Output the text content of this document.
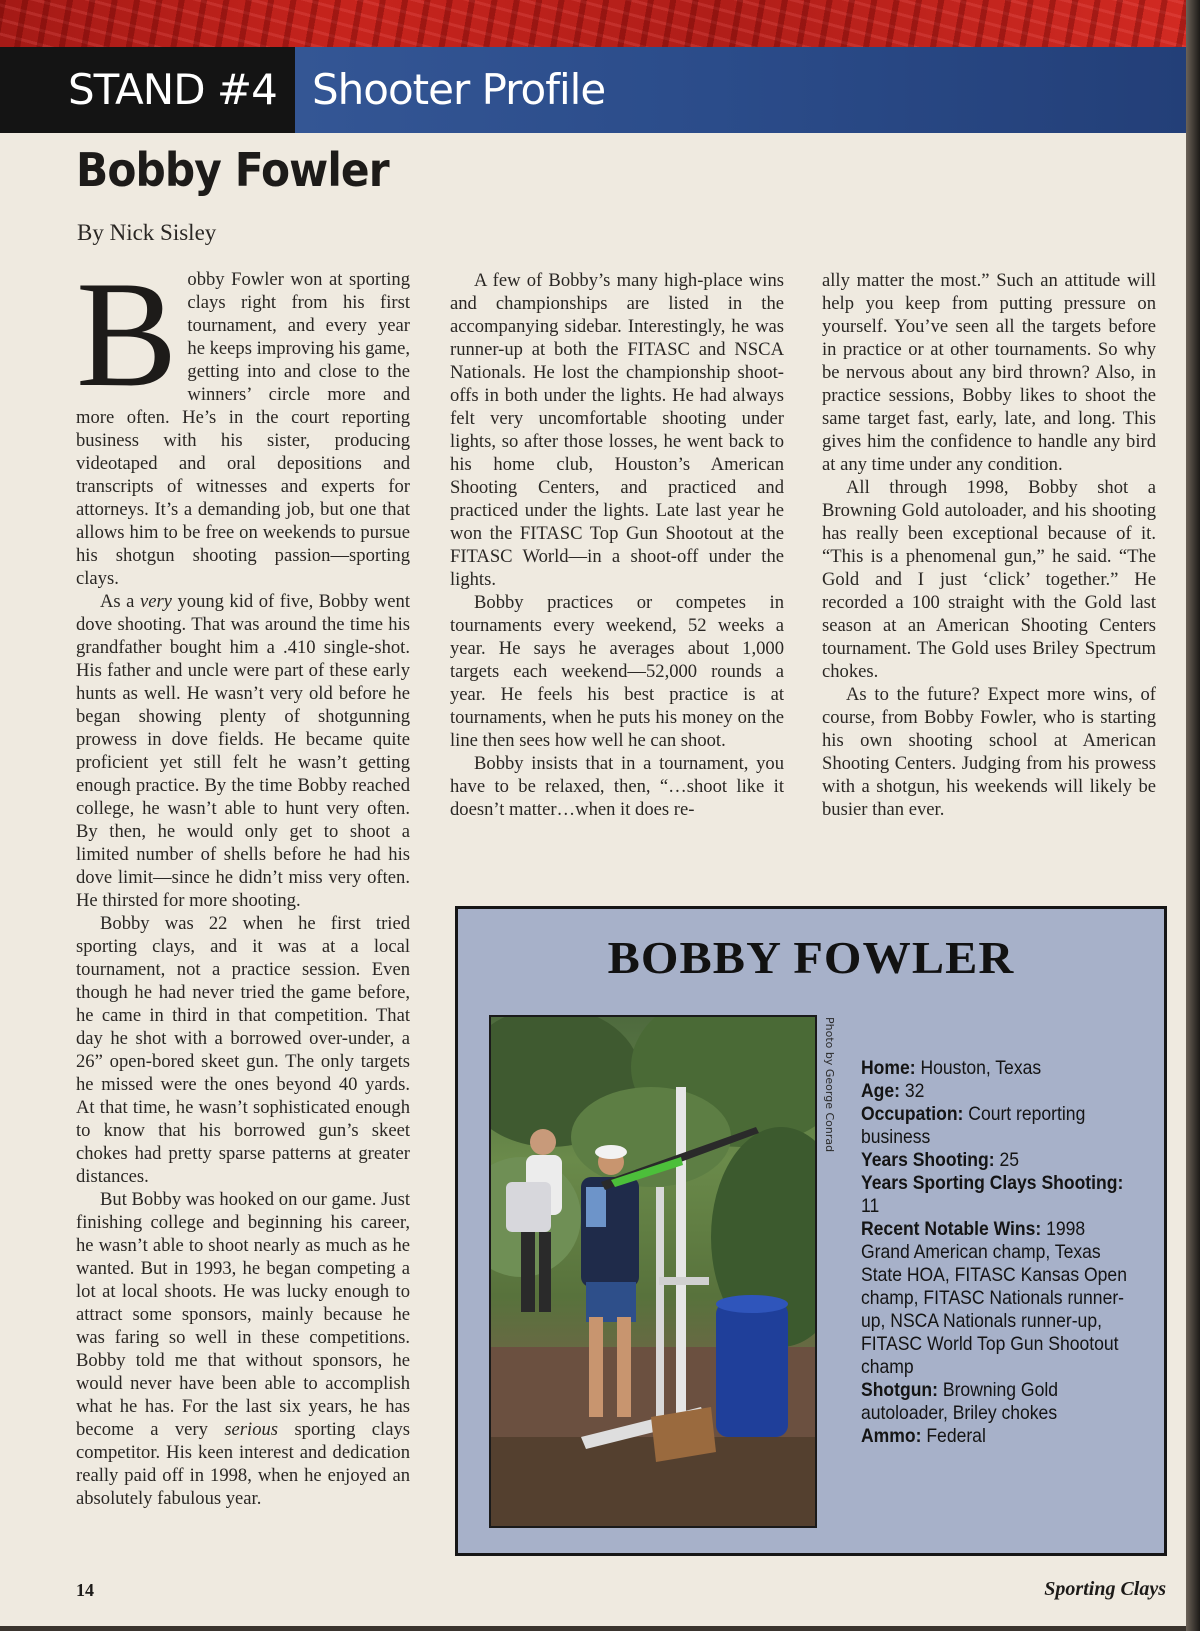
STAND #4 Shooter Profile
Bobby Fowler
By Nick Sisley

Bobby Fowler won at sporting clays right from his first tournament, and every year he keeps improving his game, getting into and close to the winners’ circle more and more often. He’s in the court reporting business with his sister, producing videotaped and oral depositions and transcripts of witnesses and experts for attorneys. It’s a demanding job, but one that allows him to be free on weekends to pursue his shotgun shooting passion—sporting clays.

As a very young kid of five, Bobby went dove shooting. That was around the time his grandfather bought him a .410 single-shot. His father and uncle were part of these early hunts as well. He wasn’t very old before he began showing plenty of shotgunning prowess in dove fields. He became quite proficient yet still felt he wasn’t getting enough practice. By the time Bobby reached college, he wasn’t able to hunt very often. By then, he would only get to shoot a limited number of shells before he had his dove limit—since he didn’t miss very often. He thirsted for more shooting.

Bobby was 22 when he first tried sporting clays, and it was at a local tournament, not a practice session. Even though he had never tried the game before, he came in third in that competition. That day he shot with a borrowed over-under, a 26” open-bored skeet gun. The only targets he missed were the ones beyond 40 yards. At that time, he wasn’t sophisticated enough to know that his borrowed gun’s skeet chokes had pretty sparse patterns at greater distances.

But Bobby was hooked on our game. Just finishing college and beginning his career, he wasn’t able to shoot nearly as much as he wanted. But in 1993, he began competing a lot at local shoots. He was lucky enough to attract some sponsors, mainly because he was faring so well in these competitions. Bobby told me that without sponsors, he would never have been able to accomplish what he has. For the last six years, he has become a very serious sporting clays competitor. His keen interest and dedication really paid off in 1998, when he enjoyed an absolutely fabulous year.

A few of Bobby’s many high-place wins and championships are listed in the accompanying sidebar. Interestingly, he was runner-up at both the FITASC and NSCA Nationals. He lost the championship shoot-offs in both under the lights. He had always felt very uncomfortable shooting under lights, so after those losses, he went back to his home club, Houston’s American Shooting Centers, and practiced and practiced under the lights. Late last year he won the FITASC Top Gun Shootout at the FITASC World—in a shoot-off under the lights.

Bobby practices or competes in tournaments every weekend, 52 weeks a year. He says he averages about 1,000 targets each weekend—52,000 rounds a year. He feels his best practice is at tournaments, when he puts his money on the line then sees how well he can shoot.

Bobby insists that in a tournament, you have to be relaxed, then, “…shoot like it doesn’t matter…when it does re-

ally matter the most.” Such an attitude will help you keep from putting pressure on yourself. You’ve seen all the targets before in practice or at other tournaments. So why be nervous about any bird thrown? Also, in practice sessions, Bobby likes to shoot the same target fast, early, late, and long. This gives him the confidence to handle any bird at any time under any condition.

All through 1998, Bobby shot a Browning Gold autoloader, and his shooting has really been exceptional because of it. “This is a phenomenal gun,” he said. “The Gold and I just ‘click’ together.” He recorded a 100 straight with the Gold last season at an American Shooting Centers tournament. The Gold uses Briley Spectrum chokes.

As to the future? Expect more wins, of course, from Bobby Fowler, who is starting his own shooting school at American Shooting Centers. Judging from his prowess with a shotgun, his weekends will likely be busier than ever.

BOBBY FOWLER
Photo by George Conrad Home: Houston, Texas
Age: 32
Occupation: Court reporting business
Years Shooting: 25
Years Sporting Clays Shooting: 11
Recent Notable Wins: 1998 Grand American champ, Texas State HOA, FITASC Kansas Open champ, FITASC Nationals runner-up, NSCA Nationals runner-up, FITASC World Top Gun Shootout champ
Shotgun: Browning Gold autoloader, Briley chokes
Ammo: Federal
14	Sporting Clays
